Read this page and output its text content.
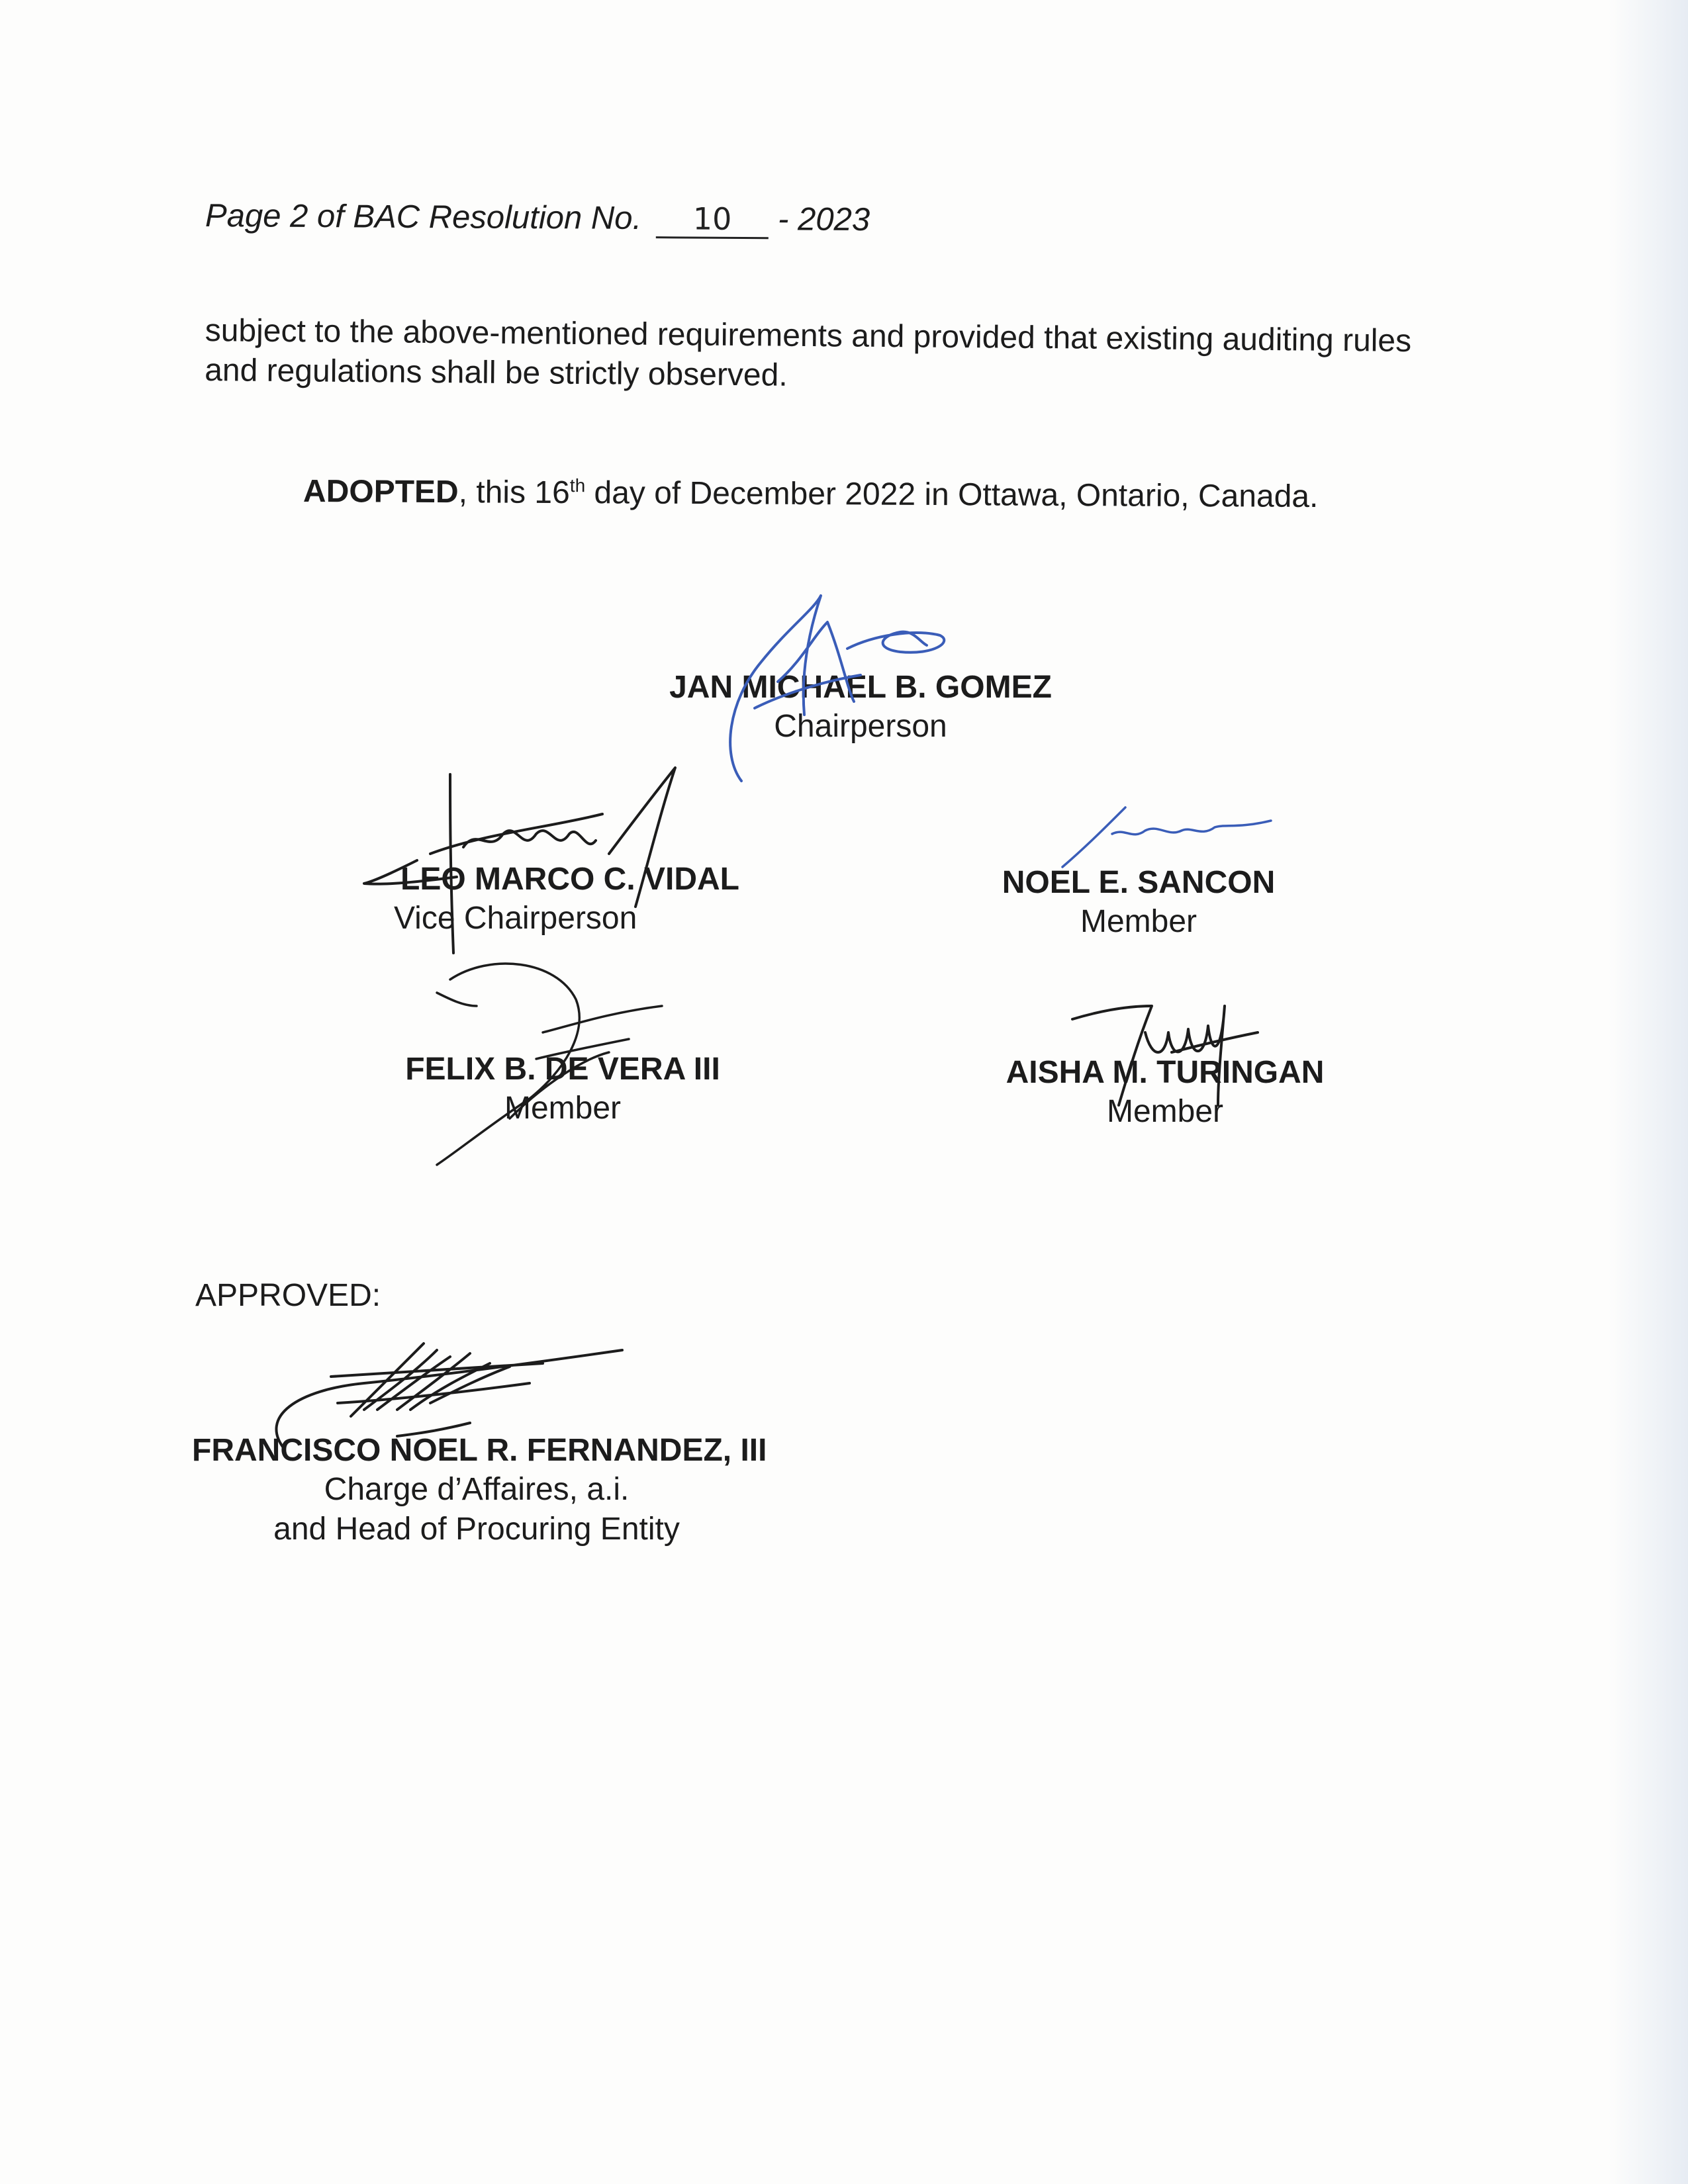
Page 2 of BAC Resolution No. 10 - 2023
subject to the above-mentioned requirements and provided that existing auditing rules
and regulations shall be strictly observed.
ADOPTED, this 16th day of December 2022 in Ottawa, Ontario, Canada.
JAN MICHAEL B. GOMEZ
Chairperson
LEO MARCO C. VIDAL
Vice Chairperson
NOEL E. SANCON
Member
FELIX B. DE VERA III
Member
AISHA M. TURINGAN
Member
APPROVED:
FRANCISCO NOEL R. FERNANDEZ, III
Charge d’Affaires, a.i.
and Head of Procuring Entity
